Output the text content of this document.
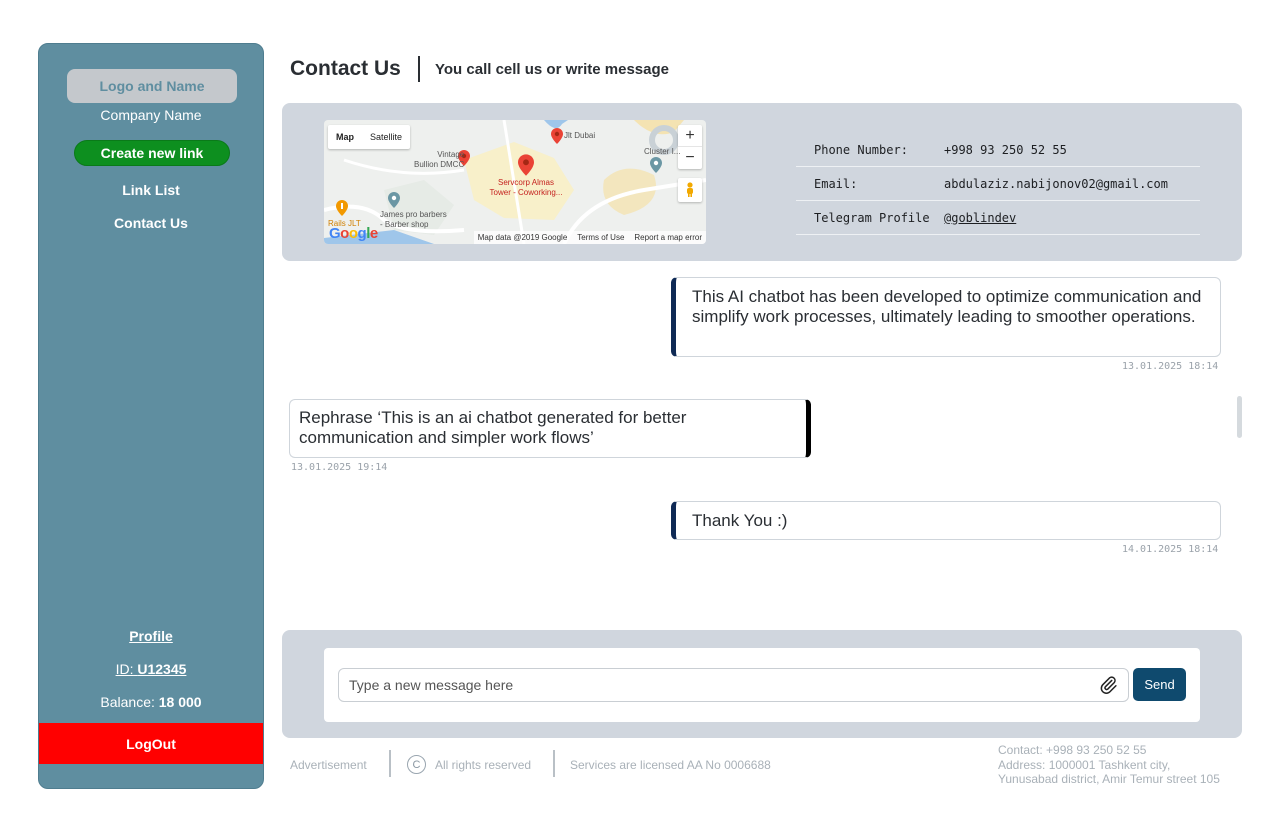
Logo and Name
Company Name
Create new link
Link List
Contact Us
Profile
ID: U12345
Balance: 18 000
LogOut
Contact Us You call cell us or write message
Map	Satellite	+
−
Jlt Dubai
Vintage
Bullion DMCC
Servcorp Almas
Tower - Coworking...
Cluster I...
James pro barbers
- Barber shop
Rails JLT
Google	Map data @2019 Google Terms of Use Report a map error
Phone Number:	+998 93 250 52 55
Email:	abdulaziz.nabijonov02@gmail.com
Telegram Profile	@goblindev
This AI chatbot has been developed to optimize communication and simplify work processes, ultimately leading to smoother operations.
13.01.2025 18:14
Rephrase ‘This is an ai chatbot generated for better communication and simpler work flows’
13.01.2025 19:14
Thank You :)
14.01.2025 18:14
Type a new message here
Send
Advertisement	C	All rights reserved	Services are licensed AA No 0006688
Contact: +998 93 250 52 55
Address: 1000001 Tashkent city,
Yunusabad district, Amir Temur street 105
